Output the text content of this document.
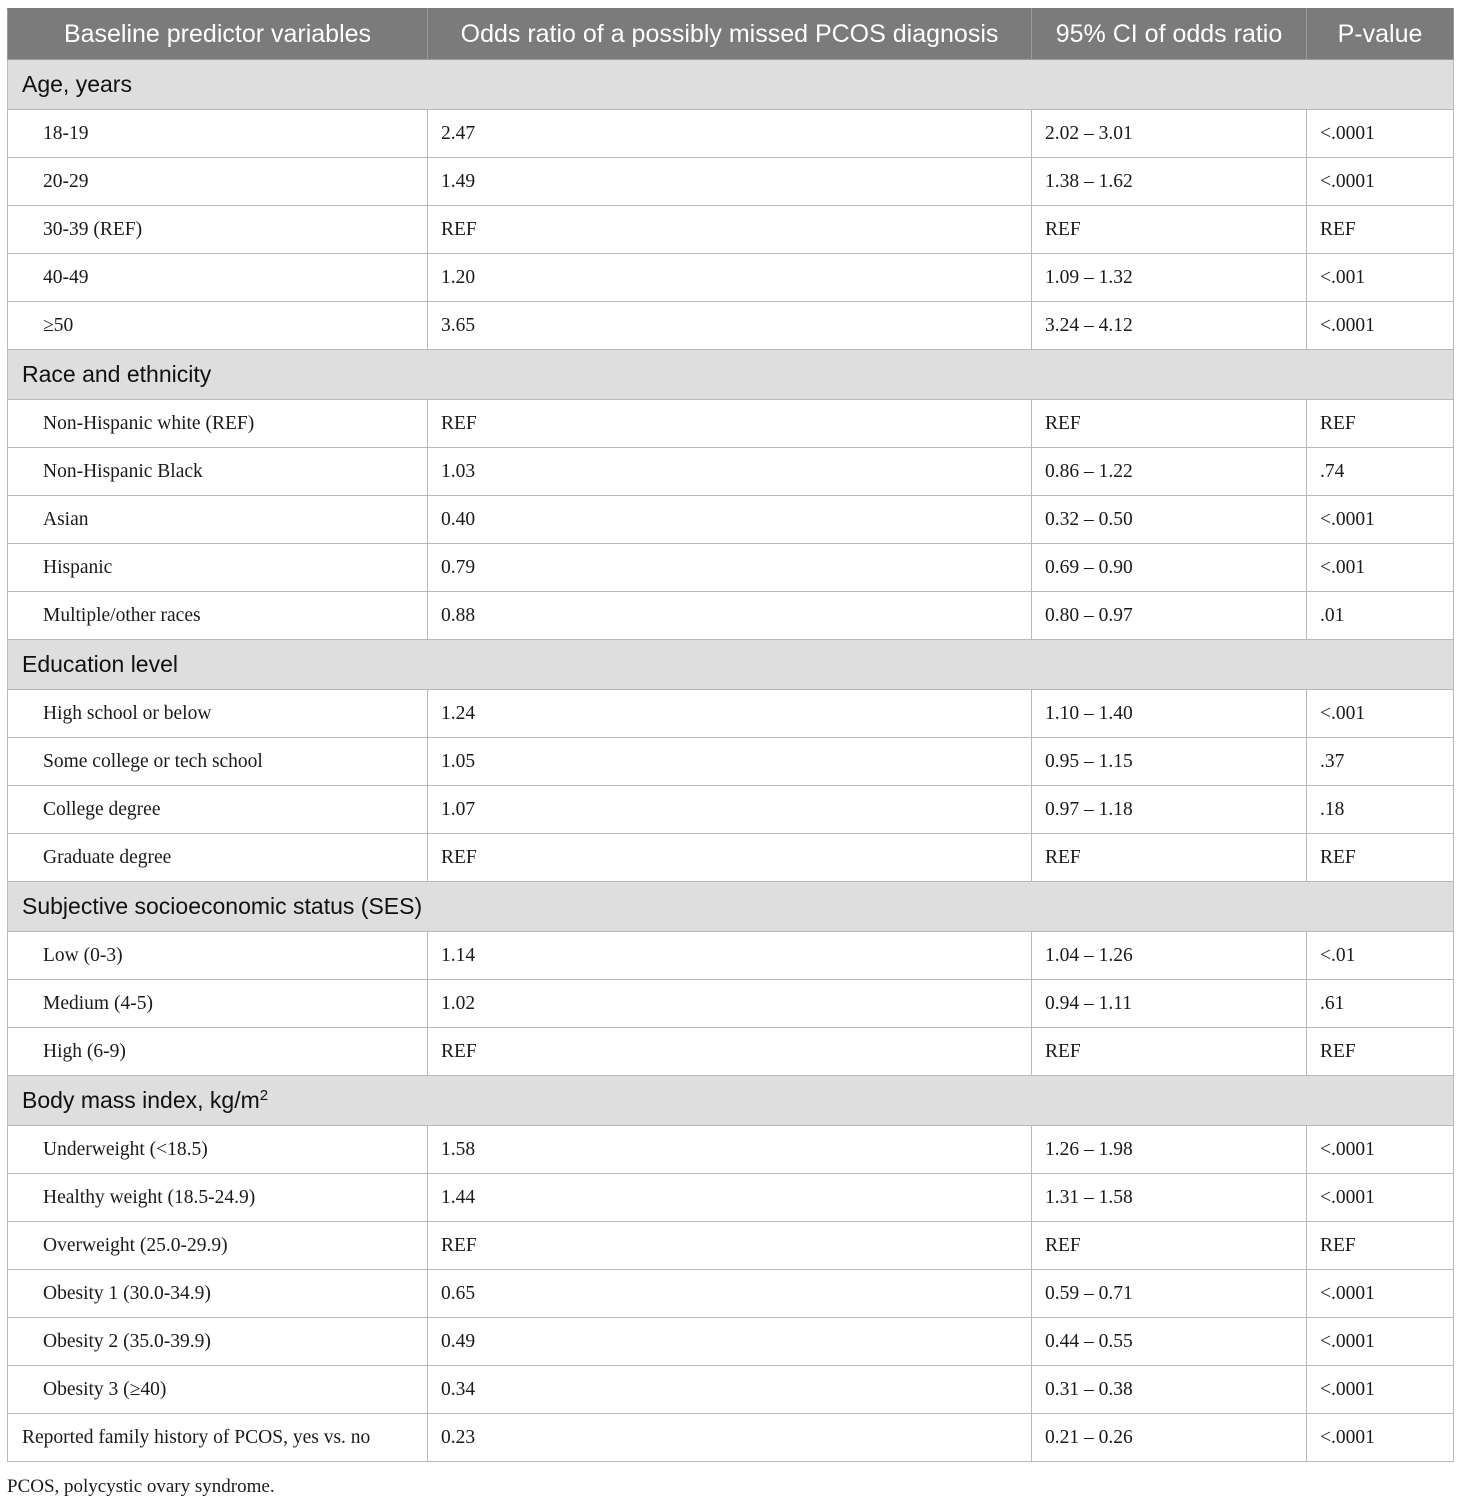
Baseline predictor variables	Odds ratio of a possibly missed PCOS diagnosis	95% CI of odds ratio	P-value
Age, years			
18-19	2.47	2.02 – 3.01	<.0001
20-29	1.49	1.38 – 1.62	<.0001
30-39 (REF)	REF	REF	REF
40-49	1.20	1.09 – 1.32	<.001
≥50	3.65	3.24 – 4.12	<.0001
Race and ethnicity			
Non-Hispanic white (REF)	REF	REF	REF
Non-Hispanic Black	1.03	0.86 – 1.22	.74
Asian	0.40	0.32 – 0.50	<.0001
Hispanic	0.79	0.69 – 0.90	<.001
Multiple/other races	0.88	0.80 – 0.97	.01
Education level			
High school or below	1.24	1.10 – 1.40	<.001
Some college or tech school	1.05	0.95 – 1.15	.37
College degree	1.07	0.97 – 1.18	.18
Graduate degree	REF	REF	REF
Subjective socioeconomic status (SES)			
Low (0-3)	1.14	1.04 – 1.26	<.01
Medium (4-5)	1.02	0.94 – 1.11	.61
High (6-9)	REF	REF	REF
Body mass index, $kg/m^2$
Underweight (<18.5)	1.58	1.26 – 1.98	<.0001
Healthy weight (18.5-24.9)	1.44	1.31 – 1.58	<.0001
Overweight (25.0-29.9)	REF	REF	REF
Obesity 1 (30.0-34.9)	0.65	0.59 – 0.71	<.0001
Obesity 2 (35.0-39.9)	0.49	0.44 – 0.55	<.0001
Obesity 3 (≥40)	0.34	0.31 – 0.38	<.0001
Reported family history of PCOS, yes vs. no	0.23	0.21 – 0.26	<.0001
PCOS, polycystic ovary syndrome.
